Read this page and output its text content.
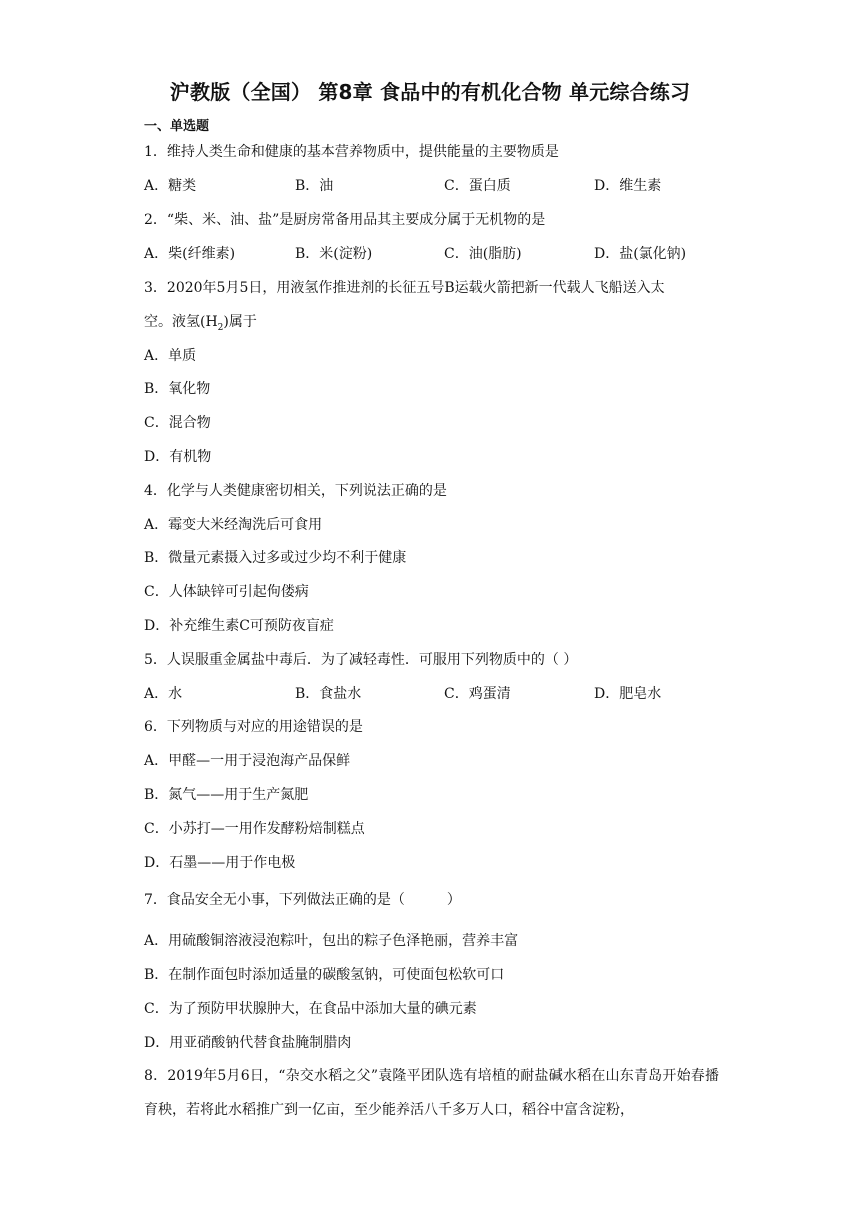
沪教版（全国） 第8章 食品中的有机化合物 单元综合练习
一、单选题
1．维持人类生命和健康的基本营养物质中，提供能量的主要物质是
A．糖类	B．油	C．蛋白质	D．维生素
2．“柴、米、油、盐”是厨房常备用品其主要成分属于无机物的是
A．柴(纤维素)	B．米(淀粉)	C．油(脂肪)	D．盐(氯化钠)
3．2020年5月5日，用液氢作推进剂的长征五号B运载火箭把新一代载人飞船送入太
空。液氢$(H_2)$属于
A．单质
B．氧化物
C．混合物
D．有机物
4．化学与人类健康密切相关，下列说法正确的是
A．霉变大米经淘洗后可食用
B．微量元素摄入过多或过少均不利于健康
C．人体缺锌可引起佝偻病
D．补充维生素C可预防夜盲症
5．人误服重金属盐中毒后．为了减轻毒性．可服用下列物质中的（ ）
A．水	B．食盐水	C．鸡蛋清	D．肥皂水
6．下列物质与对应的用途错误的是
A．甲醛—一用于浸泡海产品保鲜
B．氮气——用于生产氮肥
C．小苏打—一用作发酵粉焙制糕点
D．石墨——用于作电极
7．食品安全无小事，下列做法正确的是（　　　）
A．用硫酸铜溶液浸泡粽叶，包出的粽子色泽艳丽，营养丰富
B．在制作面包时添加适量的碳酸氢钠，可使面包松软可口
C．为了预防甲状腺肿大，在食品中添加大量的碘元素
D．用亚硝酸钠代替食盐腌制腊肉
8．2019年5月6日，“杂交水稻之父”袁隆平团队选有培植的耐盐碱水稻在山东青岛开始春播育秧，若将此水稻推广到一亿亩，至少能养活八千多万人口，稻谷中富含淀粉，
